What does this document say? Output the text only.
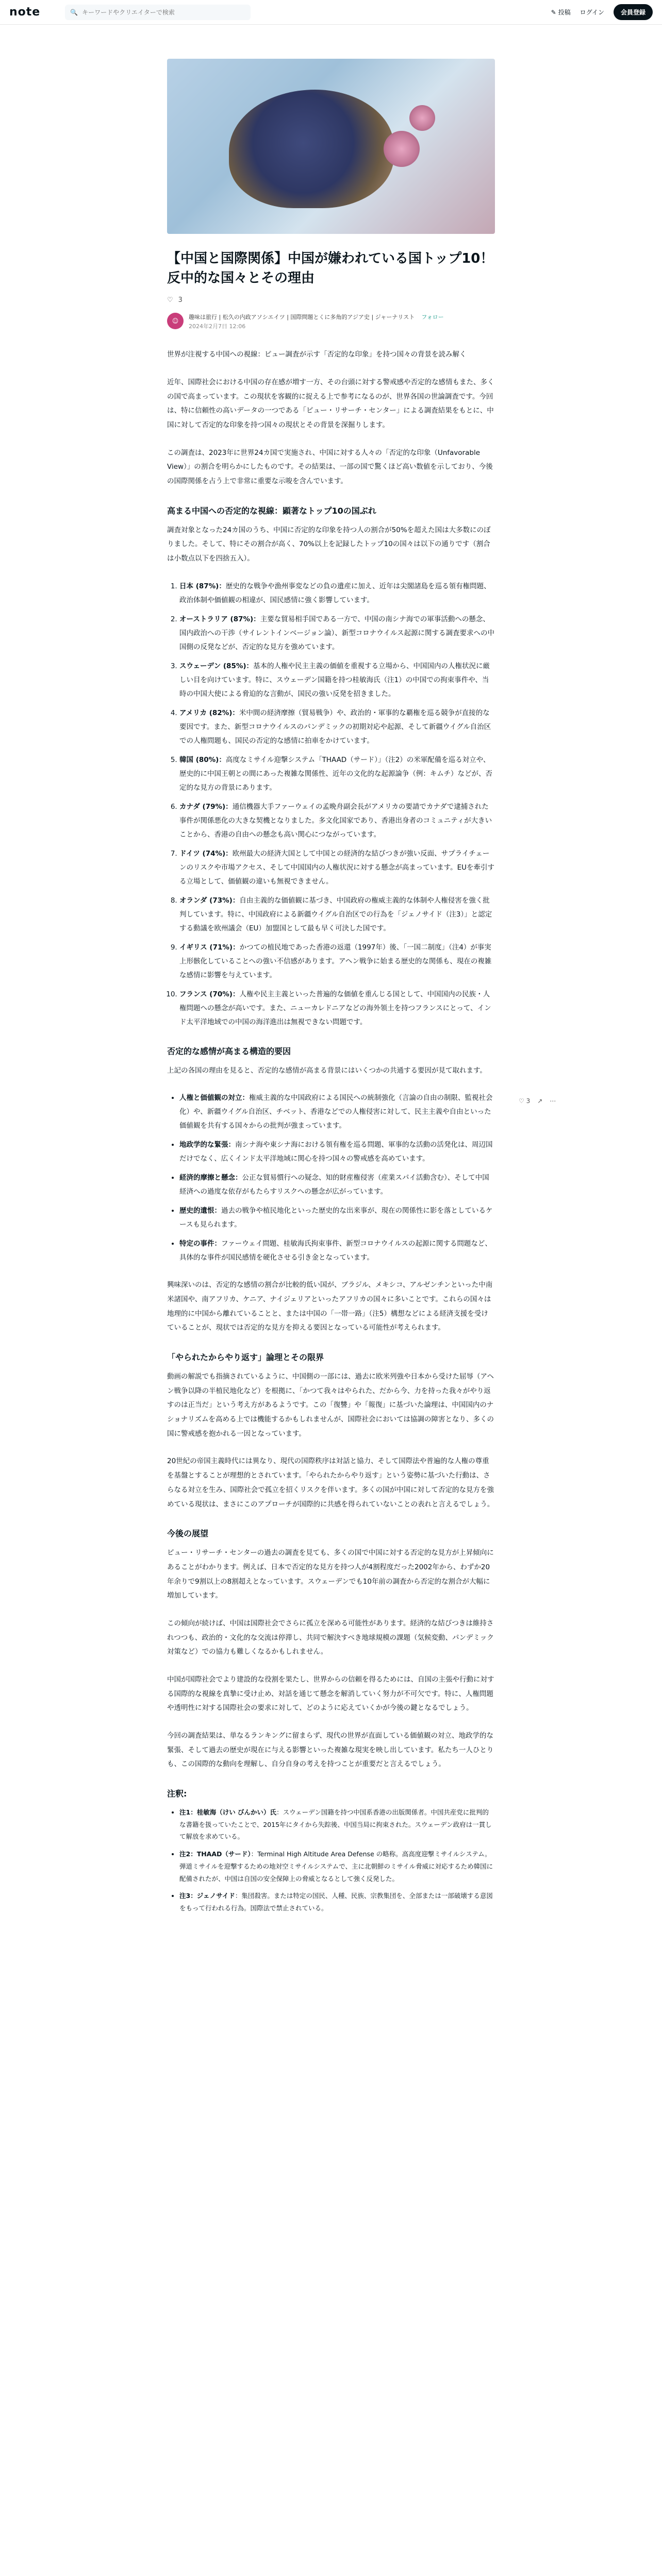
note	🔍
キーワードやクリエイターで検索	✎ 投稿 ログイン	会員登録
【中国と国際関係】中国が嫌われている国トップ10！反中的な国々とその理由
♡ 3
☺	趣味は旅行 | 松久の内政アソシエイツ | 国際問題とくに多角的アジア史 | ジャーナリスト フォロー
2024年2月7日 12:06

世界が注視する中国への視線：ピュー調査が示す「否定的な印象」を持つ国々の背景を読み解く

近年、国際社会における中国の存在感が増す一方、その台頭に対する警戒感や否定的な感情もまた、多くの国で高まっています。この現状を客観的に捉える上で参考になるのが、世界各国の世論調査です。今回は、特に信頼性の高いデータの一つである「ピュー・リサーチ・センター」による調査結果をもとに、中国に対して否定的な印象を持つ国々の現状とその背景を深掘りします。

この調査は、2023年に世界24カ国で実施され、中国に対する人々の「否定的な印象（Unfavorable View）」の割合を明らかにしたものです。その結果は、一部の国で驚くほど高い数値を示しており、今後の国際関係を占う上で非常に重要な示唆を含んでいます。

高まる中国への否定的な視線：顕著なトップ10の国ぶれ

調査対象となった24カ国のうち、中国に否定的な印象を持つ人の割合が50%を超えた国は大多数にのぼりました。そして、特にその割合が高く、70%以上を記録したトップ10の国々は以下の通りです（割合は小数点以下を四捨五入）。

1. 日本 (87%)：歴史的な戦争や漁州事変などの負の遺産に加え、近年は尖閣諸島を巡る領有権問題、政治体制や価値観の相違が、国民感情に強く影響しています。
2. オーストラリア (87%)：主要な貿易相手国である一方で、中国の南シナ海での軍事活動への懸念、国内政治への干渉（サイレントインベージョン論）、新型コロナウイルス起源に関する調査要求への中国側の反発などが、否定的な見方を強めています。
3. スウェーデン (85%)：基本的人権や民主主義の価値を重視する立場から、中国国内の人権状況に厳しい目を向けています。特に、スウェーデン国籍を持つ桂敏海氏（注1）の中国での拘束事件や、当時の中国大使による脅迫的な言動が、国民の強い反発を招きました。
4. アメリカ (82%)：米中間の経済摩擦（貿易戦争）や、政治的・軍事的な覇権を巡る競争が直接的な要因です。また、新型コロナウイルスのパンデミックの初期対応や起源、そして新疆ウイグル自治区での人権問題も、国民の否定的な感情に拍車をかけています。
5. 韓国 (80%)：高度なミサイル迎撃システム「THAAD（サード）」（注2）の米軍配備を巡る対立や、歴史的に中国王朝との間にあった複雑な関係性、近年の文化的な起源論争（例：キムチ）などが、否定的な見方の背景にあります。
6. カナダ (79%)：通信機器大手ファーウェイの孟晩舟副会長がアメリカの要請でカナダで逮捕された事件が関係悪化の大きな契機となりました。多文化国家であり、香港出身者のコミュニティが大きいことから、香港の自由への懸念も高い関心につながっています。
7. ドイツ (74%)：欧州最大の経済大国として中国との経済的な結びつきが強い反面、サプライチェーンのリスクや市場アクセス、そして中国国内の人権状況に対する懸念が高まっています。EUを牽引する立場として、価値観の違いも無視できません。
8. オランダ (73%)：自由主義的な価値観に基づき、中国政府の権威主義的な体制や人権侵害を強く批判しています。特に、中国政府による新疆ウイグル自治区での行為を「ジェノサイド（注3）」と認定する動議を欧州議会（EU）加盟国として最も早く可決した国です。
9. イギリス (71%)：かつての植民地であった香港の返還（1997年）後、「一国二制度」（注4）が事実上形骸化していることへの強い不信感があります。アヘン戦争に始まる歴史的な関係も、現在の複雑な感情に影響を与えています。
10. フランス (70%)：人権や民主主義といった普遍的な価値を重んじる国として、中国国内の民族・人権問題への懸念が高いです。また、ニューカレドニアなどの海外領土を持つフランスにとって、インド太平洋地域での中国の海洋進出は無視できない問題です。
否定的な感情が高まる構造的要因

上記の各国の理由を見ると、否定的な感情が高まる背景にはいくつかの共通する要因が見て取れます。

• 人権と価値観の対立：権威主義的な中国政府による国民への統制強化（言論の自由の制限、監視社会化）や、新疆ウイグル自治区、チベット、香港などでの人権侵害に対して、民主主義や自由といった価値観を共有する国々からの批判が強まっています。
• 地政学的な緊張：南シナ海や東シナ海における領有権を巡る問題、軍事的な活動の活発化は、周辺国だけでなく、広くインド太平洋地域に関心を持つ国々の警戒感を高めています。
• 経済的摩擦と懸念：公正な貿易慣行への疑念、知的財産権侵害（産業スパイ活動含む）、そして中国経済への過度な依存がもたらすリスクへの懸念が広がっています。
• 歴史的遺恨：過去の戦争や植民地化といった歴史的な出来事が、現在の関係性に影を落としているケースも見られます。
• 特定の事件：ファーウェイ問題、桂敏海氏拘束事件、新型コロナウイルスの起源に関する問題など、具体的な事件が国民感情を硬化させる引き金となっています。

興味深いのは、否定的な感情の割合が比較的低い国が、ブラジル、メキシコ、アルゼンチンといった中南米諸国や、南アフリカ、ケニア、ナイジェリアといったアフリカの国々に多いことです。これらの国々は地理的に中国から離れていることと、または中国の「一帯一路」（注5）構想などによる経済支援を受けていることが、現状では否定的な見方を抑える要因となっている可能性が考えられます。

「やられたからやり返す」論理とその限界

動画の解説でも指摘されているように、中国側の一部には、過去に欧米列強や日本から受けた屈辱（アヘン戦争以降の半植民地化など）を根拠に、「かつて我々はやられた、だから今、力を持った我々がやり返すのは正当だ」という考え方があるようです。この「復讐」や「報復」に基づいた論理は、中国国内のナショナリズムを高める上では機能するかもしれませんが、国際社会においては協調の障害となり、多くの国に警戒感を抱かれる一因となっています。

20世紀の帝国主義時代には異なり、現代の国際秩序は対話と協力、そして国際法や普遍的な人権の尊重を基盤とすることが理想的とされています。「やられたからやり返す」という姿勢に基づいた行動は、さらなる対立を生み、国際社会で孤立を招くリスクを伴います。多くの国が中国に対して否定的な見方を強めている現状は、まさにこのアプローチが国際的に共感を得られていないことの表れと言えるでしょう。

今後の展望

ピュー・リサーチ・センターの過去の調査を見ても、多くの国で中国に対する否定的な見方が上昇傾向にあることがわかります。例えば、日本で否定的な見方を持つ人が4割程度だった2002年から、わずか20年余りで9割以上の8割超えとなっています。スウェーデンでも10年前の調査から否定的な割合が大幅に増加しています。

この傾向が続けば、中国は国際社会でさらに孤立を深める可能性があります。経済的な結びつきは維持されつつも、政治的・文化的な交流は停滞し、共同で解決すべき地球規模の課題（気候変動、パンデミック対策など）での協力も難しくなるかもしれません。

中国が国際社会でより建設的な役割を果たし、世界からの信頼を得るためには、自国の主張や行動に対する国際的な視線を真摯に受け止め、対話を通じて懸念を解消していく努力が不可欠です。特に、人権問題や透明性に対する国際社会の要求に対して、どのように応えていくかが今後の鍵となるでしょう。

今回の調査結果は、単なるランキングに留まらず、現代の世界が直面している価値観の対立、地政学的な緊張、そして過去の歴史が現在に与える影響といった複雑な現実を映し出しています。私たち一人ひとりも、この国際的な動向を理解し、自分自身の考えを持つことが重要だと言えるでしょう。

注釈:
• 注1：桂敏海（けい びんかい）氏：スウェーデン国籍を持つ中国系香港の出版関係者。中国共産党に批判的な書籍を扱っていたことで、2015年にタイから失踪後、中国当局に拘束された。スウェーデン政府は一貫して解放を求めている。
• 注2：THAAD（サード）：Terminal High Altitude Area Defense の略称。高高度迎撃ミサイルシステム。弾道ミサイルを迎撃するための地対空ミサイルシステムで、主に北朝鮮のミサイル脅威に対応するため韓国に配備されたが、中国は自国の安全保障上の脅威となるとして強く反発した。
• 注3：ジェノサイド：集団殺害。または特定の国民、人種、民族、宗教集団を、全部または一部破壊する意図をもって行われる行為。国際法で禁止されている。
♡ 3 ↗ ⋯
